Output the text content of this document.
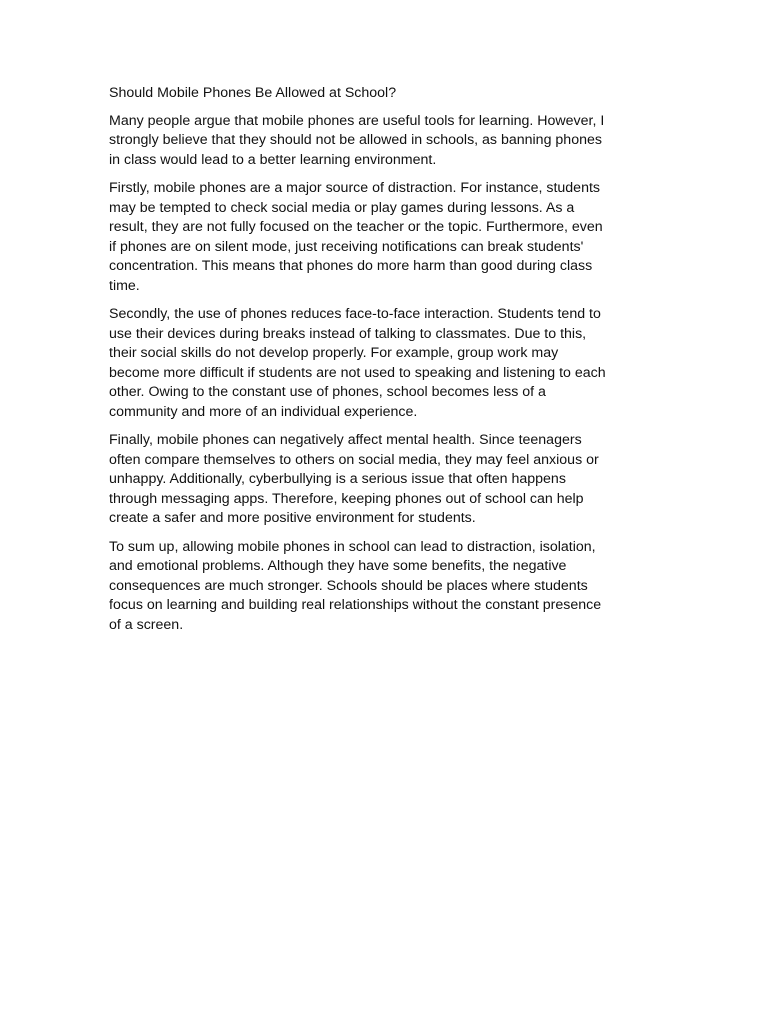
Should Mobile Phones Be Allowed at School?

Many people argue that mobile phones are useful tools for learning. However, I
strongly believe that they should not be allowed in schools, as banning phones
in class would lead to a better learning environment.

Firstly, mobile phones are a major source of distraction. For instance, students
may be tempted to check social media or play games during lessons. As a
result, they are not fully focused on the teacher or the topic. Furthermore, even
if phones are on silent mode, just receiving notifications can break students'
concentration. This means that phones do more harm than good during class
time.

Secondly, the use of phones reduces face-to-face interaction. Students tend to
use their devices during breaks instead of talking to classmates. Due to this,
their social skills do not develop properly. For example, group work may
become more difficult if students are not used to speaking and listening to each
other. Owing to the constant use of phones, school becomes less of a
community and more of an individual experience.

Finally, mobile phones can negatively affect mental health. Since teenagers
often compare themselves to others on social media, they may feel anxious or
unhappy. Additionally, cyberbullying is a serious issue that often happens
through messaging apps. Therefore, keeping phones out of school can help
create a safer and more positive environment for students.

To sum up, allowing mobile phones in school can lead to distraction, isolation,
and emotional problems. Although they have some benefits, the negative
consequences are much stronger. Schools should be places where students
focus on learning and building real relationships without the constant presence
of a screen.
